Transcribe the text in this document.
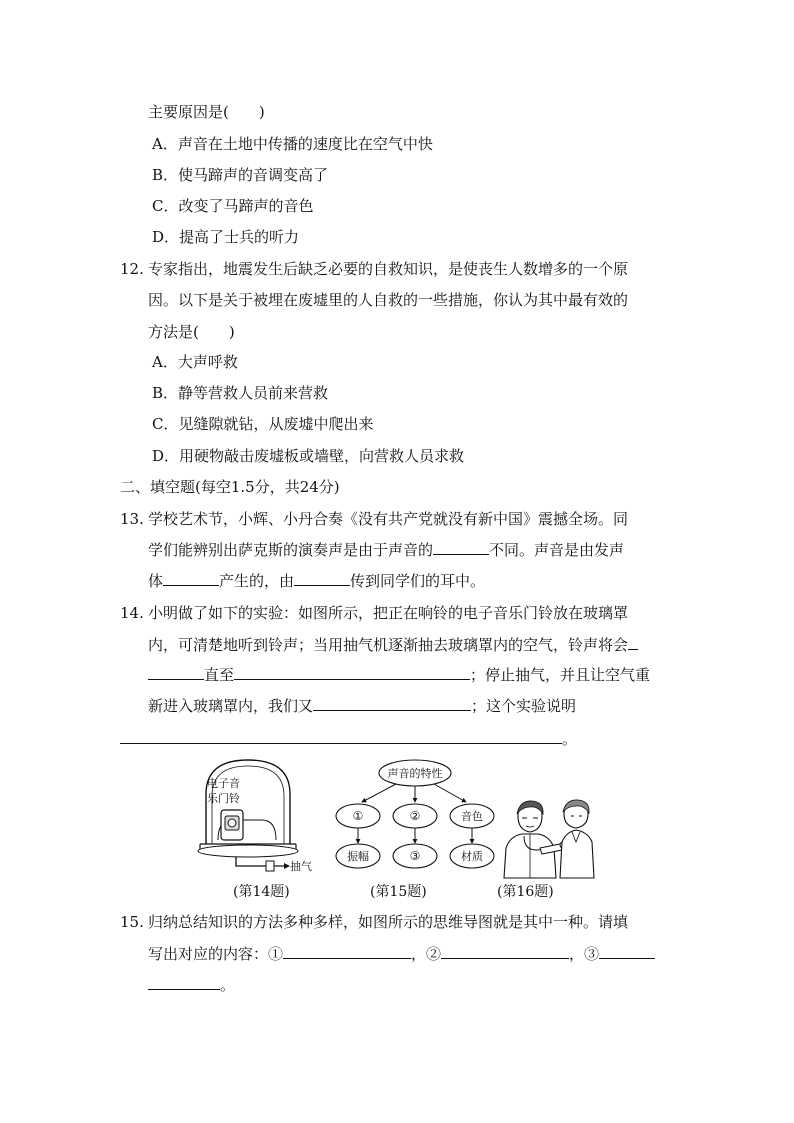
主要原因是(　　)
A．声音在土地中传播的速度比在空气中快
B．使马蹄声的音调变高了
C．改变了马蹄声的音色
D．提高了士兵的听力
12. 专家指出，地震发生后缺乏必要的自救知识，是使丧生人数增多的一个原
因。以下是关于被埋在废墟里的人自救的一些措施，你认为其中最有效的
方法是(　　)
A．大声呼救
B．静等营救人员前来营救
C．见缝隙就钻，从废墟中爬出来
D．用硬物敲击废墟板或墙壁，向营救人员求救
二、填空题(每空1.5分，共24分)
13. 学校艺术节，小辉、小丹合奏《没有共产党就没有新中国》震撼全场。同
学们能辨别出萨克斯的演奏声是由于声音的	不同。声音是由发声
体	产生的，由	传到同学们的耳中。
14. 小明做了如下的实验：如图所示，把正在响铃的电子音乐门铃放在玻璃罩
内，可清楚地听到铃声；当用抽气机逐渐抽去玻璃罩内的空气，铃声将会
直至	；停止抽气，并且让空气重
新进入玻璃罩内，我们又	；这个实验说明
。
电子音
乐门铃
抽气
(第14题)
声音的特性
①	②	音色
振幅	③	材质
(第15题)	(第16题)
15. 归纳总结知识的方法多种多样，如图所示的思维导图就是其中一种。请填
写出对应的内容：①	，②	，③
。
